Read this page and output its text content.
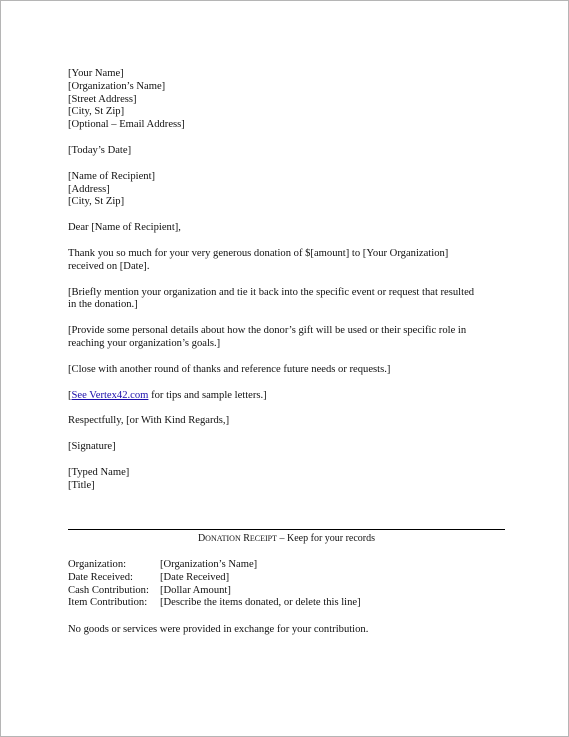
[Your Name]
[Organization’s Name]
[Street Address]
[City, St Zip]
[Optional – Email Address]
[Today’s Date]
[Name of Recipient]
[Address]
[City, St Zip]
Dear [Name of Recipient],
Thank you so much for your very generous donation of $[amount] to [Your Organization]
received on [Date].
[Briefly mention your organization and tie it back into the specific event or request that resulted
in the donation.]
[Provide some personal details about how the donor’s gift will be used or their specific role in
reaching your organization’s goals.]
[Close with another round of thanks and reference future needs or requests.]
[See Vertex42.com for tips and sample letters.]
Respectfully, [or With Kind Regards,]
[Signature]
[Typed Name]
[Title]
DONATION RECEIPT – Keep for your records
Organization:	[Organization’s Name]
Date Received:	[Date Received]
Cash Contribution:	[Dollar Amount]
Item Contribution:	[Describe the items donated, or delete this line]
No goods or services were provided in exchange for your contribution.
